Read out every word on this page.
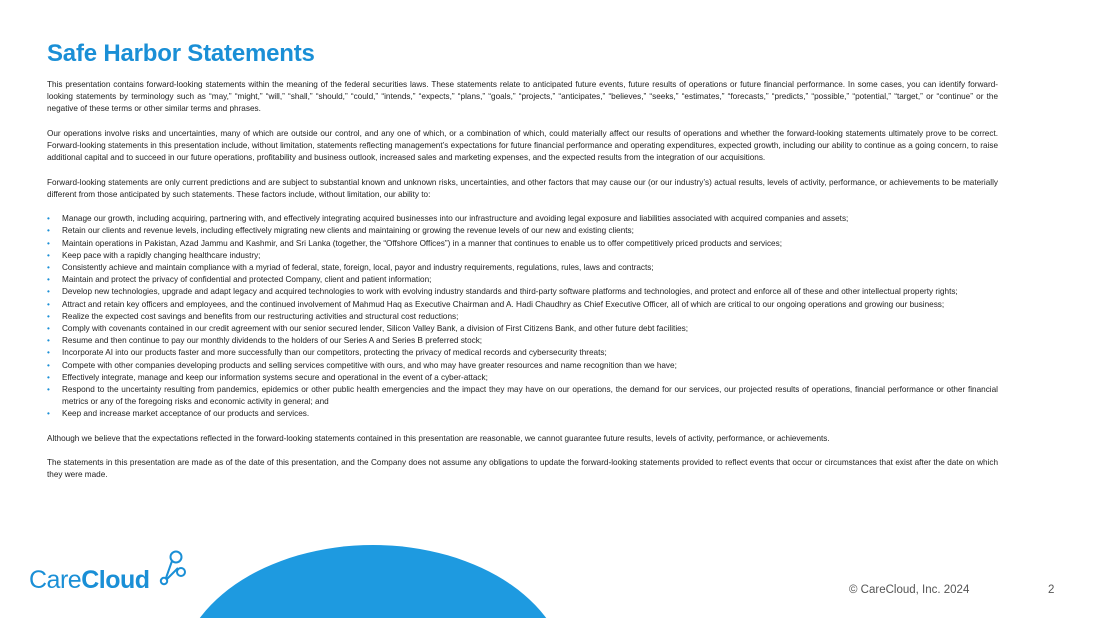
Safe Harbor Statements

This presentation contains forward-looking statements within the meaning of the federal securities laws. These statements relate to anticipated future events, future results of operations or future financial performance. In some cases, you can identify forward-looking statements by terminology such as “may,” “might,” “will,” “shall,” “should,” “could,” “intends,” “expects,” “plans,” “goals,” “projects,” “anticipates,” “believes,” “seeks,” “estimates,” “forecasts,” “predicts,” “possible,” “potential,” “target,” or “continue” or the negative of these terms or other similar terms and phrases.

Our operations involve risks and uncertainties, many of which are outside our control, and any one of which, or a combination of which, could materially affect our results of operations and whether the forward-looking statements ultimately prove to be correct. Forward-looking statements in this presentation include, without limitation, statements reflecting management’s expectations for future financial performance and operating expenditures, expected growth, including our ability to continue as a going concern, to raise additional capital and to succeed in our future operations, profitability and business outlook, increased sales and marketing expenses, and the expected results from the integration of our acquisitions.

Forward-looking statements are only current predictions and are subject to substantial known and unknown risks, uncertainties, and other factors that may cause our (or our industry’s) actual results, levels of activity, performance, or achievements to be materially different from those anticipated by such statements. These factors include, without limitation, our ability to:

• Manage our growth, including acquiring, partnering with, and effectively integrating acquired businesses into our infrastructure and avoiding legal exposure and liabilities associated with acquired companies and assets;
• Retain our clients and revenue levels, including effectively migrating new clients and maintaining or growing the revenue levels of our new and existing clients;
• Maintain operations in Pakistan, Azad Jammu and Kashmir, and Sri Lanka (together, the “Offshore Offices”) in a manner that continues to enable us to offer competitively priced products and services;
• Keep pace with a rapidly changing healthcare industry;
• Consistently achieve and maintain compliance with a myriad of federal, state, foreign, local, payor and industry requirements, regulations, rules, laws and contracts;
• Maintain and protect the privacy of confidential and protected Company, client and patient information;
• Develop new technologies, upgrade and adapt legacy and acquired technologies to work with evolving industry standards and third-party software platforms and technologies, and protect and enforce all of these and other intellectual property rights;
• Attract and retain key officers and employees, and the continued involvement of Mahmud Haq as Executive Chairman and A. Hadi Chaudhry as Chief Executive Officer, all of which are critical to our ongoing operations and growing our business;
• Realize the expected cost savings and benefits from our restructuring activities and structural cost reductions;
• Comply with covenants contained in our credit agreement with our senior secured lender, Silicon Valley Bank, a division of First Citizens Bank, and other future debt facilities;
• Resume and then continue to pay our monthly dividends to the holders of our Series A and Series B preferred stock;
• Incorporate AI into our products faster and more successfully than our competitors, protecting the privacy of medical records and cybersecurity threats;
• Compete with other companies developing products and selling services competitive with ours, and who may have greater resources and name recognition than we have;
• Effectively integrate, manage and keep our information systems secure and operational in the event of a cyber-attack;
• Respond to the uncertainty resulting from pandemics, epidemics or other public health emergencies and the impact they may have on our operations, the demand for our services, our projected results of operations, financial performance or other financial metrics or any of the foregoing risks and economic activity in general; and
• Keep and increase market acceptance of our products and services.

Although we believe that the expectations reflected in the forward-looking statements contained in this presentation are reasonable, we cannot guarantee future results, levels of activity, performance, or achievements.

The statements in this presentation are made as of the date of this presentation, and the Company does not assume any obligations to update the forward-looking statements provided to reflect events that occur or circumstances that exist after the date on which they were made.

CareCloud	© CareCloud, Inc. 2024	2
